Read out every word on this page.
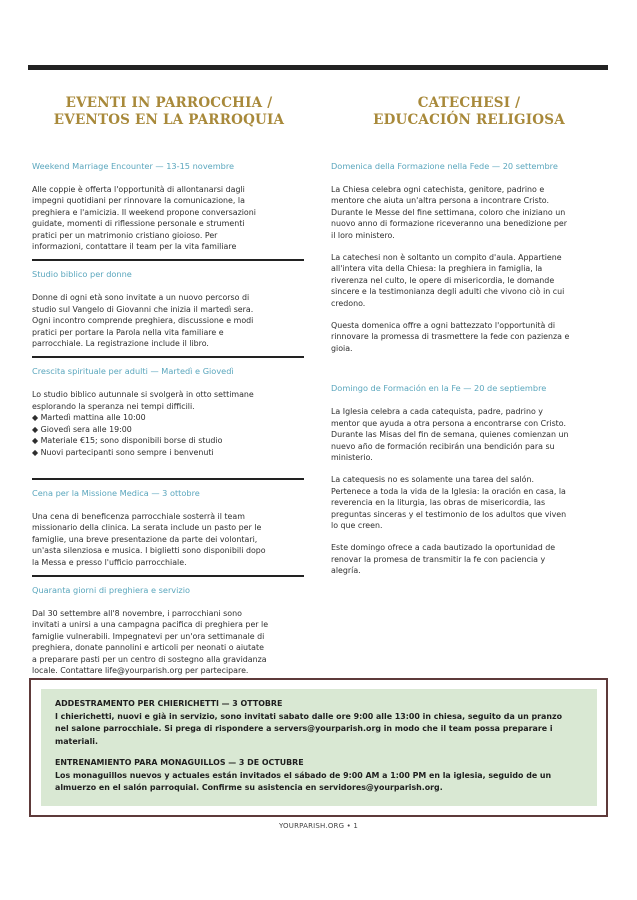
EVENTI IN PARROCCHIA /
EVENTOS EN LA PARROQUIA

Weekend Marriage Encounter — 13-15 novembre

Alle coppie è offerta l'opportunità di allontanarsi dagli
impegni quotidiani per rinnovare la comunicazione, la
preghiera e l'amicizia. Il weekend propone conversazioni
guidate, momenti di riflessione personale e strumenti
pratici per un matrimonio cristiano gioioso. Per
informazioni, contattare il team per la vita familiare

Studio biblico per donne

Donne di ogni età sono invitate a un nuovo percorso di
studio sul Vangelo di Giovanni che inizia il martedì sera.
Ogni incontro comprende preghiera, discussione e modi
pratici per portare la Parola nella vita familiare e
parrocchiale. La registrazione include il libro.

Crescita spirituale per adulti — Martedì e Giovedì

Lo studio biblico autunnale si svolgerà in otto settimane
esplorando la speranza nei tempi difficili.
◆ Martedì mattina alle 10:00
◆ Giovedì sera alle 19:00
◆ Materiale €15; sono disponibili borse di studio
◆ Nuovi partecipanti sono sempre i benvenuti

Cena per la Missione Medica — 3 ottobre

Una cena di beneficenza parrocchiale sosterrà il team
missionario della clinica. La serata include un pasto per le
famiglie, una breve presentazione da parte dei volontari,
un'asta silenziosa e musica. I biglietti sono disponibili dopo
la Messa e presso l'ufficio parrocchiale.

Quaranta giorni di preghiera e servizio

Dal 30 settembre all'8 novembre, i parrocchiani sono
invitati a unirsi a una campagna pacifica di preghiera per le
famiglie vulnerabili. Impegnatevi per un'ora settimanale di
preghiera, donate pannolini e articoli per neonati o aiutate
a preparare pasti per un centro di sostegno alla gravidanza
locale. Contattare life@yourparish.org per partecipare.

CATECHESI /
EDUCACIÓN RELIGIOSA

Domenica della Formazione nella Fede — 20 settembre

La Chiesa celebra ogni catechista, genitore, padrino e
mentore che aiuta un'altra persona a incontrare Cristo.
Durante le Messe del fine settimana, coloro che iniziano un
nuovo anno di formazione riceveranno una benedizione per
il loro ministero.

La catechesi non è soltanto un compito d'aula. Appartiene
all'intera vita della Chiesa: la preghiera in famiglia, la
riverenza nel culto, le opere di misericordia, le domande
sincere e la testimonianza degli adulti che vivono ciò in cui
credono.

Questa domenica offre a ogni battezzato l'opportunità di
rinnovare la promessa di trasmettere la fede con pazienza e
gioia.

Domingo de Formación en la Fe — 20 de septiembre

La Iglesia celebra a cada catequista, padre, padrino y
mentor que ayuda a otra persona a encontrarse con Cristo.
Durante las Misas del fin de semana, quienes comienzan un
nuevo año de formación recibirán una bendición para su
ministerio.

La catequesis no es solamente una tarea del salón.
Pertenece a toda la vida de la Iglesia: la oración en casa, la
reverencia en la liturgia, las obras de misericordia, las
preguntas sinceras y el testimonio de los adultos que viven
lo que creen.

Este domingo ofrece a cada bautizado la oportunidad de
renovar la promesa de transmitir la fe con paciencia y
alegría.

ADDESTRAMENTO PER CHIERICHETTI — 3 OTTOBRE
I chierichetti, nuovi e già in servizio, sono invitati sabato dalle ore 9:00 alle 13:00 in chiesa, seguito da un pranzo
nel salone parrocchiale. Si prega di rispondere a servers@yourparish.org in modo che il team possa preparare i
materiali.

ENTRENAMIENTO PARA MONAGUILLOS — 3 DE OCTUBRE
Los monaguillos nuevos y actuales están invitados el sábado de 9:00 AM a 1:00 PM en la iglesia, seguido de un
almuerzo en el salón parroquial. Confirme su asistencia en servidores@yourparish.org.

YOURPARISH.ORG • 1
